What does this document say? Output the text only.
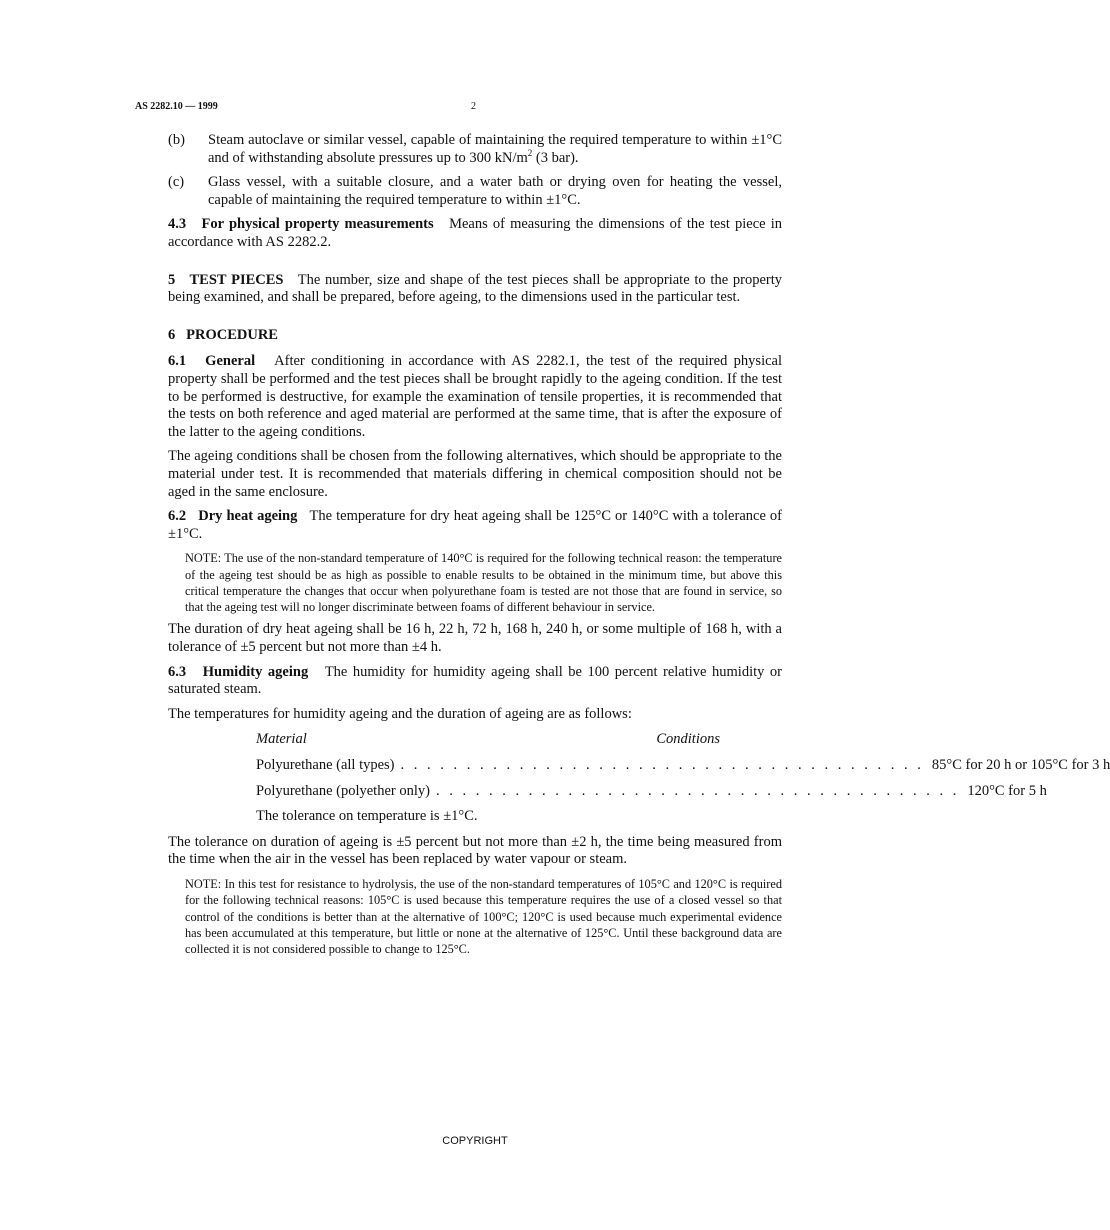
AS 2282.10 — 1999	2
(b)	Steam autoclave or similar vessel, capable of maintaining the required temperature to within ±1°C and of withstanding absolute pressures up to 300 $kN/m^2$ (3 bar).
(c)	Glass vessel, with a suitable closure, and a water bath or drying oven for heating the vessel, capable of maintaining the required temperature to within ±1°C.

4.3 For physical property measurements Means of measuring the dimensions of the test piece in accordance with AS 2282.2.

5 TEST PIECES The number, size and shape of the test pieces shall be appropriate to the property being examined, and shall be prepared, before ageing, to the dimensions used in the particular test.

6 PROCEDURE

6.1 General After conditioning in accordance with AS 2282.1, the test of the required physical property shall be performed and the test pieces shall be brought rapidly to the ageing condition. If the test to be performed is destructive, for example the examination of tensile properties, it is recommended that the tests on both reference and aged material are performed at the same time, that is after the exposure of the latter to the ageing conditions.

The ageing conditions shall be chosen from the following alternatives, which should be appropriate to the material under test. It is recommended that materials differing in chemical composition should not be aged in the same enclosure.

6.2 Dry heat ageing The temperature for dry heat ageing shall be 125°C or 140°C with a tolerance of ±1°C.

NOTE: The use of the non-standard temperature of 140°C is required for the following technical reason: the temperature of the ageing test should be as high as possible to enable results to be obtained in the minimum time, but above this critical temperature the changes that occur when polyurethane foam is tested are not those that are found in service, so that the ageing test will no longer discriminate between foams of different behaviour in service.

The duration of dry heat ageing shall be 16 h, 22 h, 72 h, 168 h, 240 h, or some multiple of 168 h, with a tolerance of ±5 percent but not more than ±4 h.

6.3 Humidity ageing The humidity for humidity ageing shall be 100 percent relative humidity or saturated steam.

The temperatures for humidity ageing and the duration of ageing are as follows:

Material	Conditions
Polyurethane (all types) . . . . . . . . . . . . . . . . . . . . . . . . . . . . . . . . . . . . . . . . 85°C for 20 h or 105°C for 3 h
Polyurethane (polyether only) . . . . . . . . . . . . . . . . . . . . . . . . . . . . . . . . . . . . . . . . 120°C for 5 h
The tolerance on temperature is ±1°C.

The tolerance on duration of ageing is ±5 percent but not more than ±2 h, the time being measured from the time when the air in the vessel has been replaced by water vapour or steam.

NOTE: In this test for resistance to hydrolysis, the use of the non-standard temperatures of 105°C and 120°C is required for the following technical reasons: 105°C is used because this temperature requires the use of a closed vessel so that control of the conditions is better than at the alternative of 100°C; 120°C is used because much experimental evidence has been accumulated at this temperature, but little or none at the alternative of 125°C. Until these background data are collected it is not considered possible to change to 125°C.
COPYRIGHT
